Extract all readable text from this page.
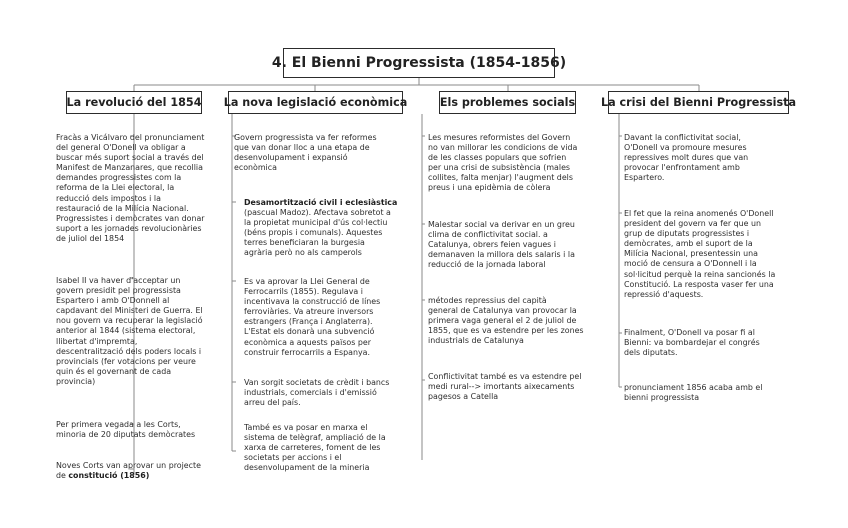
4. El Bienni Progressista (1854-1856)
La revolució del 1854 La nova legislació econòmica	Els problemes socials La crisi del Bienni Progressista
Fracàs a Vicálvaro del pronunciament
del general O'Donell va obligar a
buscar més suport social a través del
Manifest de Manzanares, que recollia
demandes progressistes com la
reforma de la Llei electoral, la
reducció dels impostos i la
restauració de la Milícia Nacional.
Progressistes i demòcrates van donar
suport a les jornades revolucionàries
de juliol del 1854
Isabel II va haver d'acceptar un
govern presidit pel progressista
Espartero i amb O'Donnell al
capdavant del Ministeri de Guerra. El
nou govern va recuperar la legislació
anterior al 1844 (sistema electoral,
llibertat d'impremta,
descentralització dels poders locals i
provincials (fer votacions per veure
quin és el governant de cada
provincia)
Per primera vegada a les Corts,
minoria de 20 diputats demòcrates
Noves Corts van aprovar un projecte
de constitució (1856)
Govern progressista va fer reformes
que van donar lloc a una etapa de
desenvolupament i expansió
econòmica
Desamortització civil i eclesiàstica
(pascual Madoz). Afectava sobretot a
la propietat municipal d'ús col·lectiu
(béns propis i comunals). Aquestes
terres beneficiaran la burgesia
agrària però no als camperols
Es va aprovar la Llei General de
Ferrocarrils (1855). Regulava i
incentivava la construcció de línes
ferroviàries. Va atreure inversors
estrangers (França i Anglaterra).
L'Estat els donarà una subvenció
econòmica a aquests països per
construir ferrocarrils a Espanya.
Van sorgit societats de crèdit i bancs
industrials, comercials i d'emissió
arreu del país.
També es va posar en marxa el
sistema de telègraf, ampliació de la
xarxa de carreteres, foment de les
societats per accions i el
desenvolupament de la mineria
Les mesures reformistes del Govern
no van millorar les condicions de vida
de les classes populars que sofrien
per una crisi de subsistència (males
collites, falta menjar) l'augment dels
preus i una epidèmia de còlera
Malestar social va derivar en un greu
clima de conflictivitat social. a
Catalunya, obrers feien vagues i
demanaven la millora dels salaris i la
reducció de la jornada laboral
métodes repressius del capità
general de Catalunya van provocar la
primera vaga general el 2 de juliol de
1855, que es va estendre per les zones
industrials de Catalunya
Conflictivitat també es va estendre pel
medi rural--> imortants aixecaments
pagesos a Catella
Davant la conflictivitat social,
O'Donell va promoure mesures
repressives molt dures que van
provocar l'enfrontament amb
Espartero.
El fet que la reina anomenés O'Donell
president del govern va fer que un
grup de diputats progressistes i
demòcrates, amb el suport de la
Milícia Nacional, presentessin una
moció de censura a O'Donnell i la
sol·licitud perquè la reina sancionés la
Constitució. La resposta vaser fer una
repressió d'aquests.
Finalment, O'Donell va posar fi al
Bienni: va bombardejar el congrés
dels diputats.
pronunciament 1856 acaba amb el
bienni progressista
